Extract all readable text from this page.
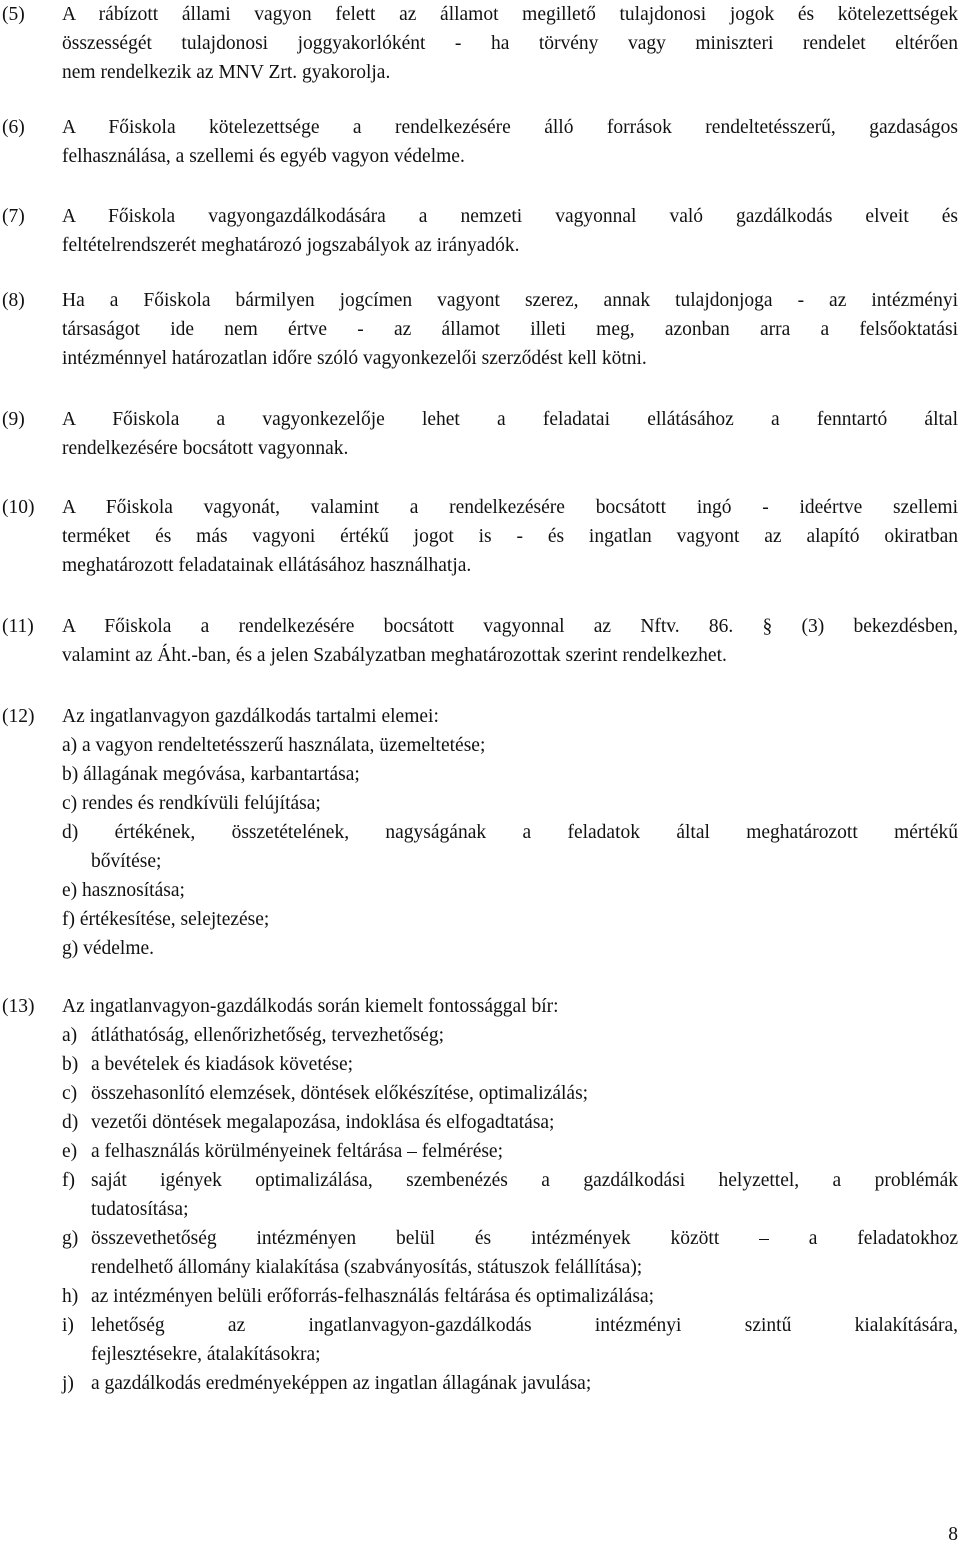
(5) A rábízott állami vagyon felett az államot megillető tulajdonosi jogok és kötelezettségek
összességét tulajdonosi joggyakorlóként - ha törvény vagy miniszteri rendelet eltérően
nem rendelkezik az MNV Zrt. gyakorolja.
(6) A Főiskola kötelezettsége a rendelkezésére álló források rendeltetésszerű, gazdaságos
felhasználása, a szellemi és egyéb vagyon védelme.
(7) A Főiskola vagyongazdálkodására a nemzeti vagyonnal való gazdálkodás elveit és
feltételrendszerét meghatározó jogszabályok az irányadók.
(8) Ha a Főiskola bármilyen jogcímen vagyont szerez, annak tulajdonjoga - az intézményi
társaságot ide nem értve - az államot illeti meg, azonban arra a felsőoktatási
intézménnyel határozatlan időre szóló vagyonkezelői szerződést kell kötni.
(9) A Főiskola a vagyonkezelője lehet a feladatai ellátásához a fenntartó által
rendelkezésére bocsátott vagyonnak.
(10) A Főiskola vagyonát, valamint a rendelkezésére bocsátott ingó - ideértve szellemi
terméket és más vagyoni értékű jogot is - és ingatlan vagyont az alapító okiratban
meghatározott feladatainak ellátásához használhatja.
(11) A Főiskola a rendelkezésére bocsátott vagyonnal az Nftv. 86. § (3) bekezdésben,
valamint az Áht.-ban, és a jelen Szabályzatban meghatározottak szerint rendelkezhet.
(12) Az ingatlanvagyon gazdálkodás tartalmi elemei:
a) a vagyon rendeltetésszerű használata, üzemeltetése;
b) állagának megóvása, karbantartása;
c) rendes és rendkívüli felújítása;
d) értékének, összetételének, nagyságának a feladatok által meghatározott mértékű
bővítése;
e) hasznosítása;
f) értékesítése, selejtezése;
g) védelme.
(13) Az ingatlanvagyon-gazdálkodás során kiemelt fontossággal bír:
a) átláthatóság, ellenőrizhetőség, tervezhetőség;
b) a bevételek és kiadások követése;
c) összehasonlító elemzések, döntések előkészítése, optimalizálás;
d) vezetői döntések megalapozása, indoklása és elfogadtatása;
e) a felhasználás körülményeinek feltárása – felmérése;
f) saját igények optimalizálása, szembenézés a gazdálkodási helyzettel, a problémák
tudatosítása;
g) összevethetőség intézményen belül és intézmények között – a feladatokhoz
rendelhető állomány kialakítása (szabványosítás, státuszok felállítása);
h) az intézményen belüli erőforrás-felhasználás feltárása és optimalizálása;
i) lehetőség az ingatlanvagyon-gazdálkodás intézményi szintű kialakítására,
fejlesztésekre, átalakításokra;
j) a gazdálkodás eredményeképpen az ingatlan állagának javulása;
8
